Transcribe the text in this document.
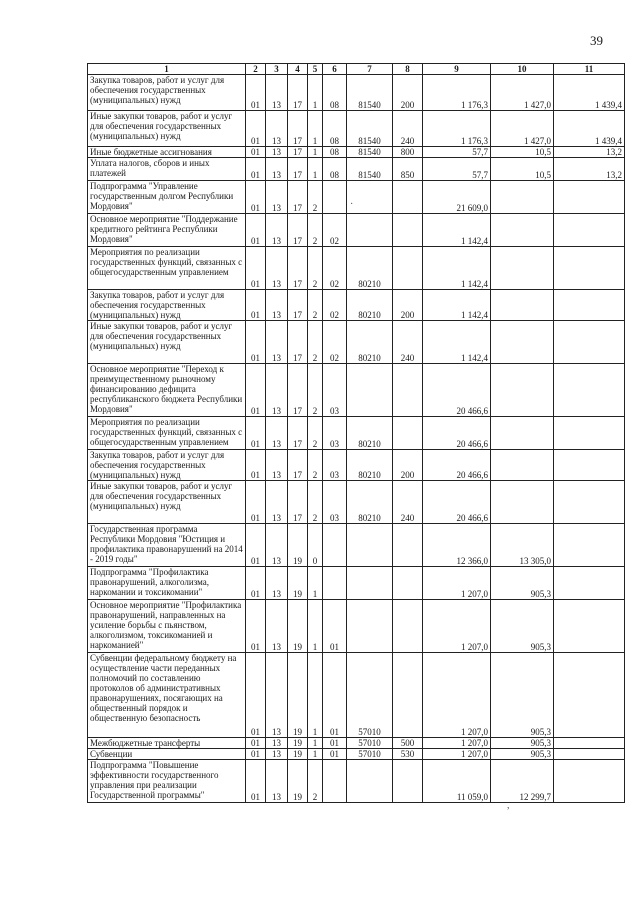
39
1	2	3	4	5	6	7	8	9	10	11
Закупка товаров, работ и услуг для обеспечения государственных (муниципальных) нужд	01	13	17	1	08	81540	200	1 176,3	1 427,0	1 439,4
Иные закупки товаров, работ и услуг для обеспечения государственных (муниципальных) нужд	01	13	17	1	08	81540	240	1 176,3	1 427,0	1 439,4
Иные бюджетные ассигнования	01	13	17	1	08	81540	800	57,7	10,5	13,2
Уплата налогов, сборов и иных платежей	01	13	17	1	08	81540	850	57,7	10,5	13,2
Подпрограмма "Управление государственным долгом Республики Мордовия"	01	13	17	2				21 609,0		
Основное мероприятие "Поддержание кредитного рейтинга Республики Мордовия"	01	13	17	2	02			1 142,4		
Мероприятия по реализации государственных функций, связанных с общегосударственным управлением	01	13	17	2	02	80210		1 142,4		
Закупка товаров, работ и услуг для обеспечения государственных (муниципальных) нужд	01	13	17	2	02	80210	200	1 142,4		
Иные закупки товаров, работ и услуг для обеспечения государственных (муниципальных) нужд	01	13	17	2	02	80210	240	1 142,4		
Основное мероприятие "Переход к преимущественному рыночному финансированию дефицита республиканского бюджета Республики Мордовия"	01	13	17	2	03			20 466,6		
Мероприятия по реализации государственных функций, связанных с общегосударственным управлением	01	13	17	2	03	80210		20 466,6		
Закупка товаров, работ и услуг для обеспечения государственных (муниципальных) нужд	01	13	17	2	03	80210	200	20 466,6		
Иные закупки товаров, работ и услуг для обеспечения государственных (муниципальных) нужд	01	13	17	2	03	80210	240	20 466,6		
Государственная программа Республики Мордовия "Юстиция и профилактика правонарушений на 2014 - 2019 годы"	01	13	19	0				12 366,0	13 305,0	
Подпрограмма "Профилактика правонарушений, алкоголизма, наркомании и токсикомании"	01	13	19	1				1 207,0	905,3	
Основное мероприятие "Профилактика правонарушений, направленных на усиление борьбы с пьянством, алкоголизмом, токсикоманией и наркоманией"	01	13	19	1	01			1 207,0	905,3	
Субвенции федеральному бюджету на осуществление части переданных полномочий по составлению протоколов об административных правонарушениях, посягающих на общественный порядок и общественную безопасность	01	13	19	1	01	57010		1 207,0	905,3	
Межбюджетные трансферты	01	13	19	1	01	57010	500	1 207,0	905,3	
Субвенции	01	13	19	1	01	57010	530	1 207,0	905,3	
Подпрограмма "Повышение эффективности государственного управления при реализации Государственной программы"	01	13	19	2				11 059,0	12 299,7	
·
,
